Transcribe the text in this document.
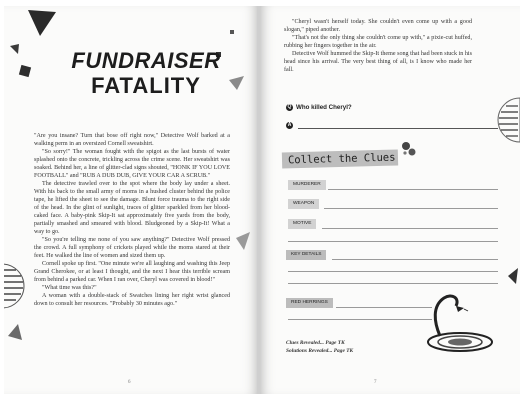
FUNDRAISER
FATALITY

"Are you insane? Turn that bose off right now," Detective Wolf barked at a walking perm in an oversized Cornell sweatshirt.

"So sorry!" The woman fought with the spigot as the last bursts of water splashed onto the concrete, trickling across the crime scene. Her sweatshirt was soaked. Behind her, a line of glitter-clad signs shouted, "HONK IF YOU LOVE FOOTBALL" and "RUB A DUB DUB, GIVE YOUR CAR A SCRUB."

The detective trawled over to the spot where the body lay under a sheet. With his back to the small army of moms in a hushed cluster behind the police tape, he lifted the sheet to see the damage. Blunt force trauma to the right side of the head. In the glint of sunlight, traces of glitter sparkled from her blood-caked face. A baby-pink Skip-It sat approximately five yards from the body, partially smashed and smeared with blood. Bludgeoned by a Skip-It! What a way to go.

"So you're telling me none of you saw anything?" Detective Wolf pressed the crowd. A full symphony of crickets played while the moms stared at their feet. He walked the line of women and sized them up.

Cornell spoke up first. "One minute we're all laughing and washing this Jeep Grand Cherokee, or at least I thought, and the next I hear this terrible scream from behind a parked car. When I ran over, Cheryl was covered in blood!"

"What time was this?"

A woman with a double-stack of Swatches lining her right wrist glanced down to consult her resources. "Probably 30 minutes ago."

6

"Cheryl wasn't herself today. She couldn't even come up with a good slogan," piped another.

"That's not the only thing she couldn't come up with," a pixie-cut huffed, rubbing her fingers together in the air.

Detective Wolf hummed the Skip-It theme song that had been stuck in his head since his arrival. The very best thing of all, is I know who made her fall.

Q Who killed Cheryl?
A
Collect the Clues
MURDERER
WEAPON
MOTIVE
KEY DETAILS
RED HERRINGS
Clues Revealed... Page TK
Solutions Revealed... Page TK
7
